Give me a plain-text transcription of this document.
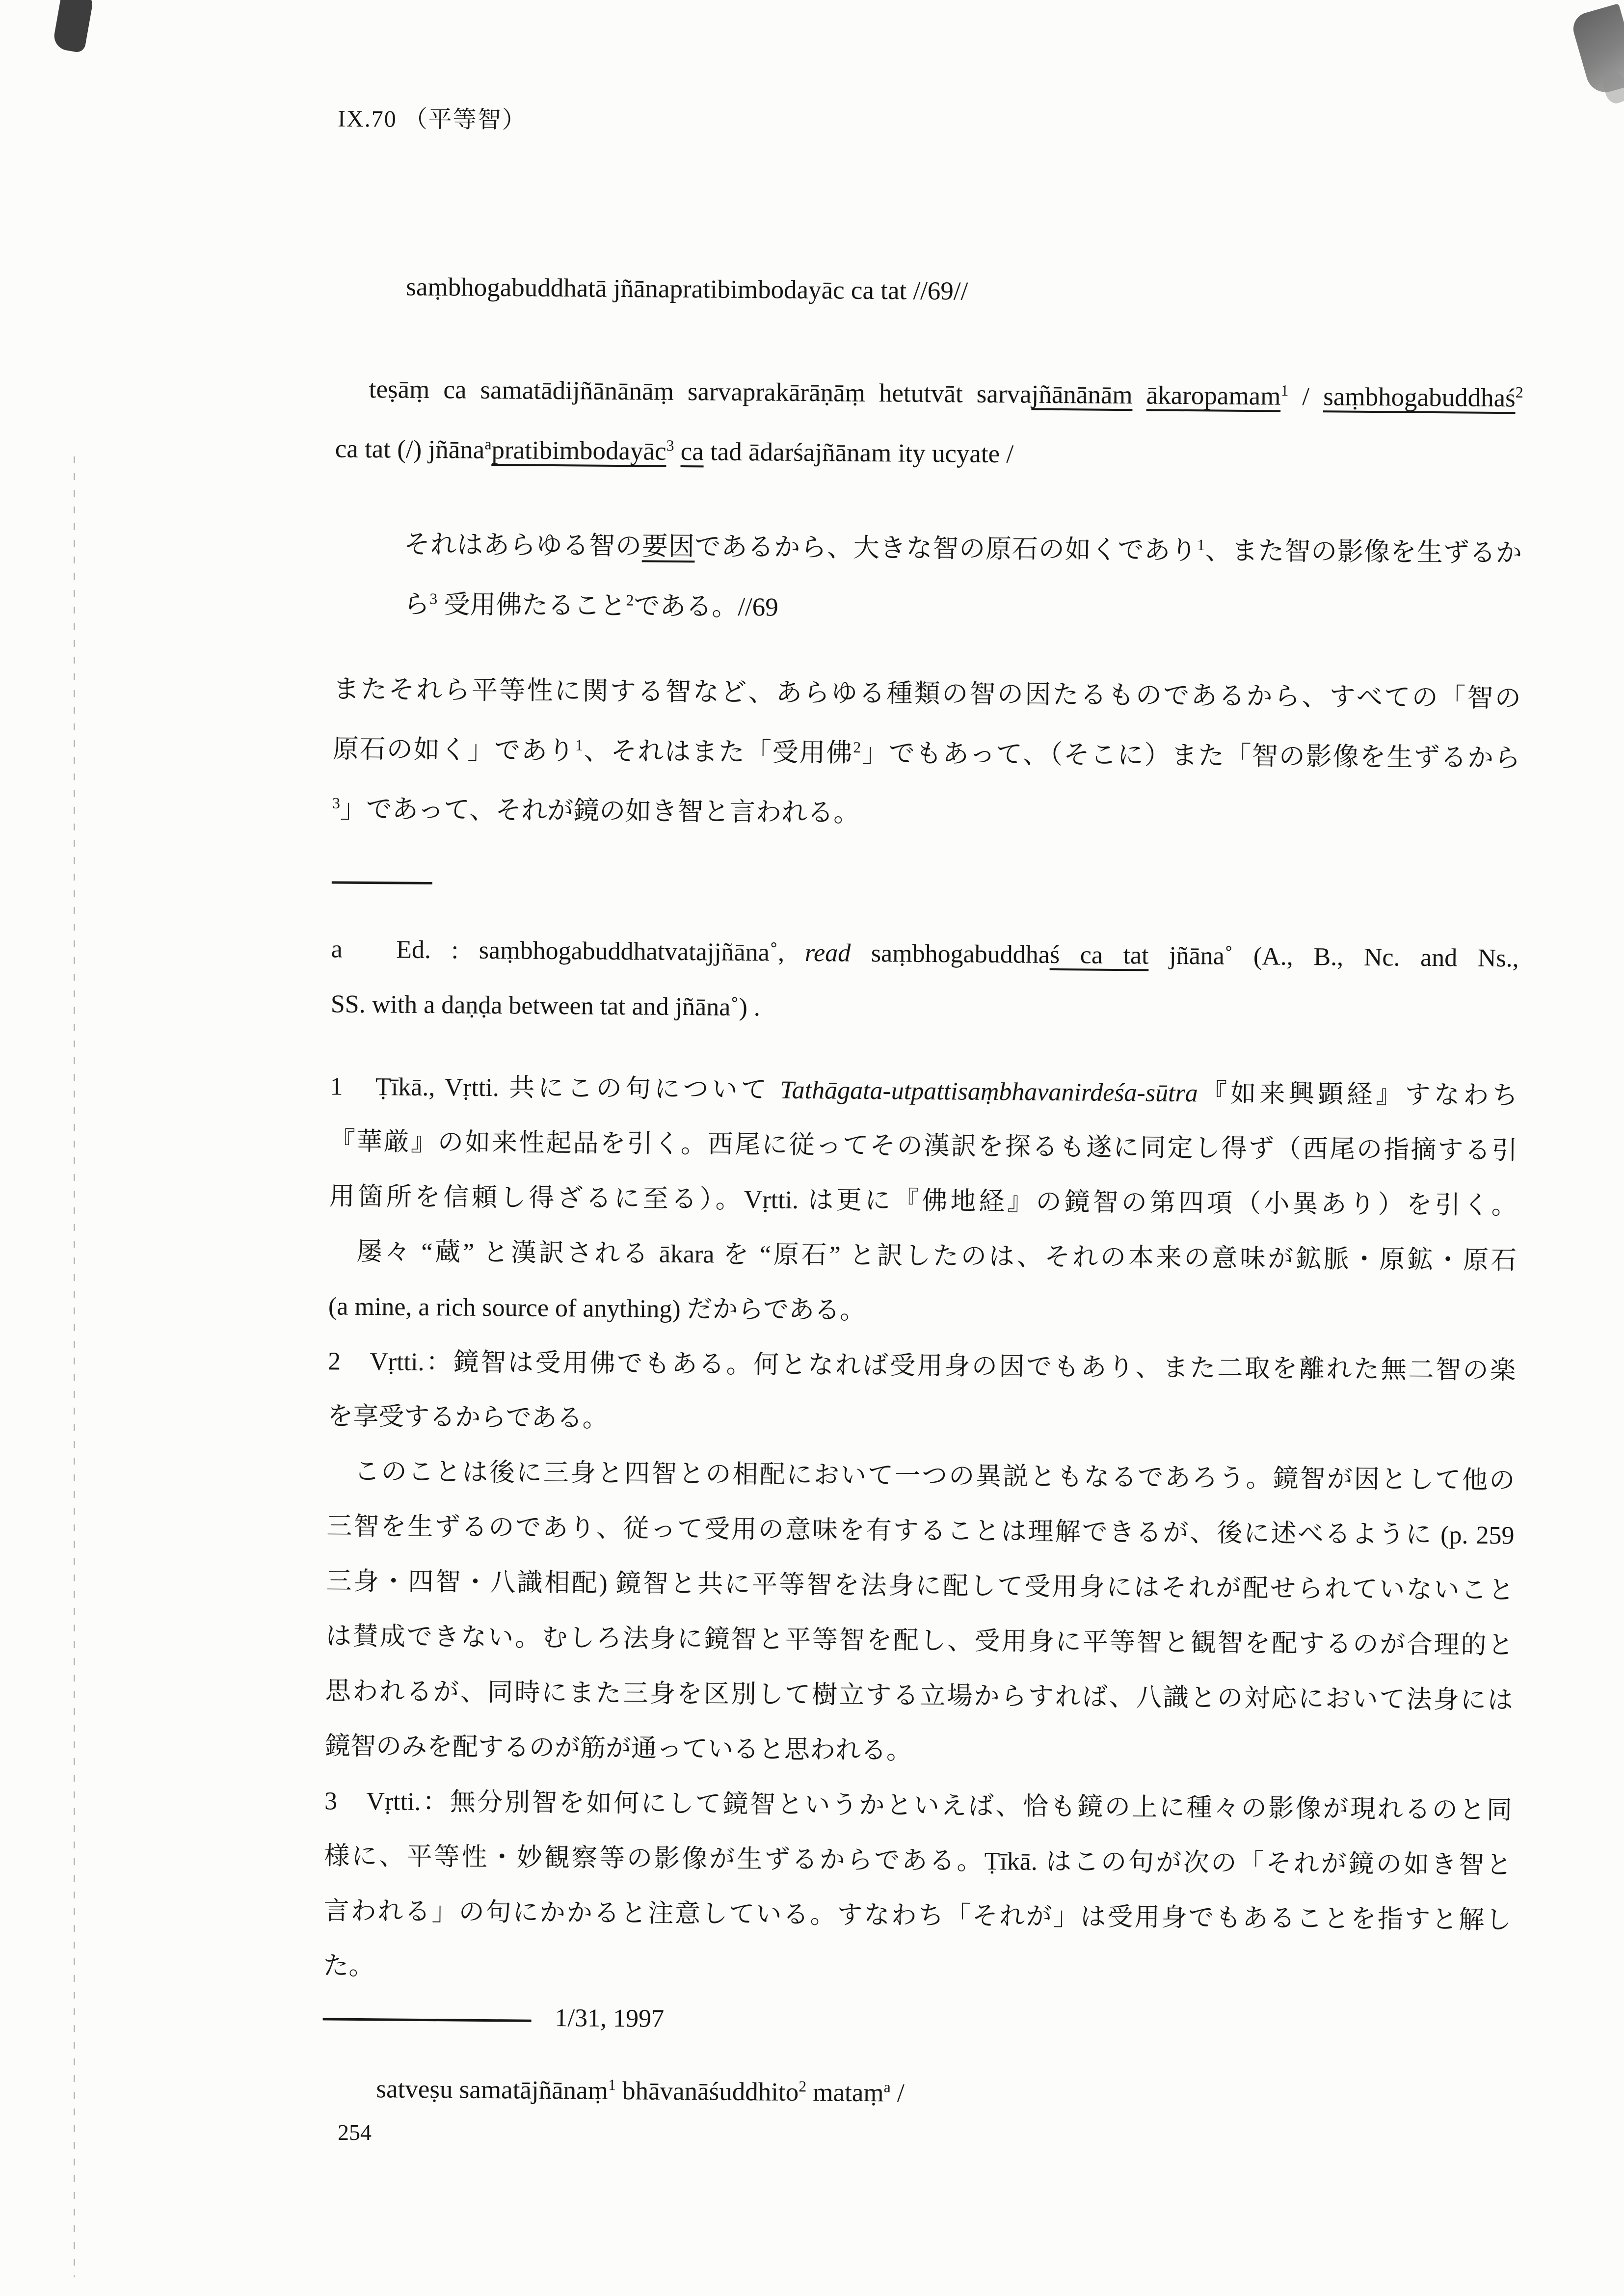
IX.70 （平等智）
saṃbhogabuddhatā jñānapratibimbodayāc ca tat //69//
teṣāṃ ca samatādijñānānāṃ sarvaprakārāṇāṃ hetutvāt sarvajñānānām ākaropamam$^1$ / saṃbhogabuddhaś$^2$
ca tat (/) jñāna$^a$pratibimbodayāc$^3$ ca tad ādarśajñānam ity ucyate /
それはあらゆる智の要因であるから、大きな智の原石の如くであり$^1$、また智の影像を生ずるか
ら$^3$ 受用佛たること$^2$である。//69
またそれら平等性に関する智など、あらゆる種類の智の因たるものであるから、すべての「智の
原石の如く」であり$^1$、それはまた「受用佛$^2$」でもあって、（そこに）また「智の影像を生ずるから
$^3$」であって、それが鏡の如き智と言われる。
a　Ed. : saṃbhogabuddhatvatajjñāna˚, read saṃbhogabuddhaś ca tat jñāna˚ (A., B., Nc. and Ns.,
SS. with a daṇḍa between tat and jñāna˚) .
1　Ṭīkā., Vṛtti. 共にこの句について Tathāgata-utpattisaṃbhavanirdeśa-sūtra『如来興顕経』すなわち
『華厳』の如来性起品を引く。西尾に従ってその漢訳を探るも遂に同定し得ず（西尾の指摘する引
用箇所を信頼し得ざるに至る）。Vṛtti. は更に『佛地経』の鏡智の第四項（小異あり）を引く。
　屡々 “蔵” と漢訳される ākara を “原石” と訳したのは、それの本来の意味が鉱脈・原鉱・原石
(a mine, a rich source of anything) だからである。
2　Vṛtti.：鏡智は受用佛でもある。何となれば受用身の因でもあり、また二取を離れた無二智の楽
を享受するからである。
　このことは後に三身と四智との相配において一つの異説ともなるであろう。鏡智が因として他の
三智を生ずるのであり、従って受用の意味を有することは理解できるが、後に述べるように (p. 259
三身・四智・八識相配) 鏡智と共に平等智を法身に配して受用身にはそれが配せられていないこと
は賛成できない。むしろ法身に鏡智と平等智を配し、受用身に平等智と観智を配するのが合理的と
思われるが、同時にまた三身を区別して樹立する立場からすれば、八識との対応において法身には
鏡智のみを配するのが筋が通っていると思われる。
3　Vṛtti.：無分別智を如何にして鏡智というかといえば、恰も鏡の上に種々の影像が現れるのと同
様に、平等性・妙観察等の影像が生ずるからである。Ṭīkā. はこの句が次の「それが鏡の如き智と
言われる」の句にかかると注意している。すなわち「それが」は受用身でもあることを指すと解し
た。
1/31, 1997
satveṣu samatājñānaṃ$^1$ bhāvanāśuddhito$^2$ mataṃ$^a$ /
254
